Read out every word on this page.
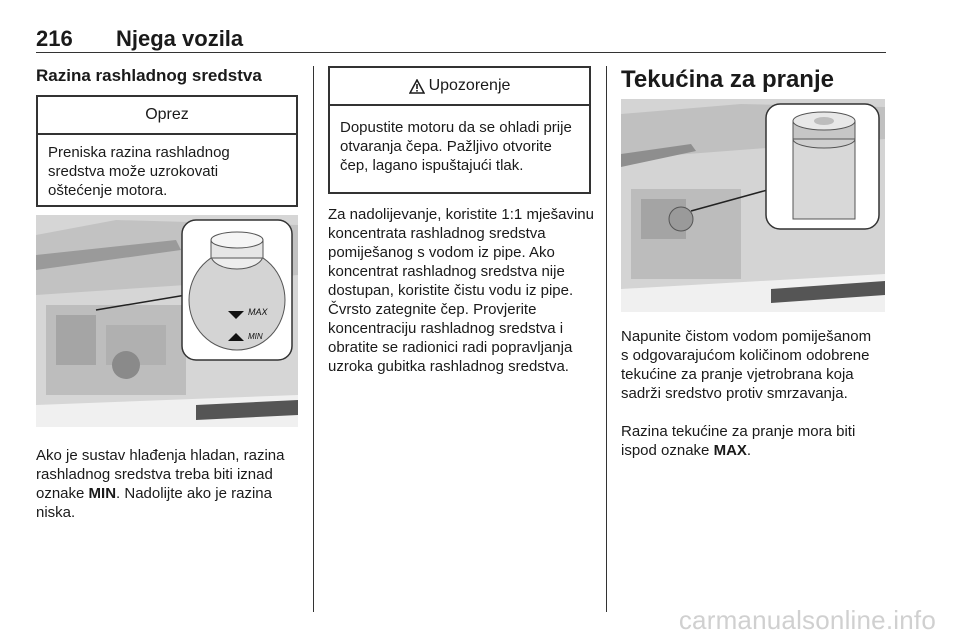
216 Njega vozila
Razina rashladnog sredstva
Oprez
Preniska razina rashladnog sredstva može uzrokovati oštećenje motora.
MAX
MIN
Ako je sustav hlađenja hladan, razina rashladnog sredstva treba biti iznad oznake MIN. Nadolijte ako je razina niska.
Upozorenje
Dopustite motoru da se ohladi prije otvaranja čepa. Pažljivo otvorite čep, lagano ispuštajući tlak.
Za nadolijevanje, koristite 1:1 mješavinu koncentrata rashladnog sredstva pomiješanog s vodom iz pipe. Ako koncentrat rashladnog sredstva nije dostupan, koristite čistu vodu iz pipe. Čvrsto zategnite čep. Provjerite koncentraciju rashladnog sredstva i obratite se radionici radi popravljanja uzroka gubitka rashladnog sredstva.
Tekućina za pranje
Napunite čistom vodom pomiješanom s odgovarajućom količinom odobrene tekućine za pranje vjetrobrana koja sadrži sredstvo protiv smrzavanja.
Razina tekućine za pranje mora biti ispod oznake MAX.
carmanualsonline.info
